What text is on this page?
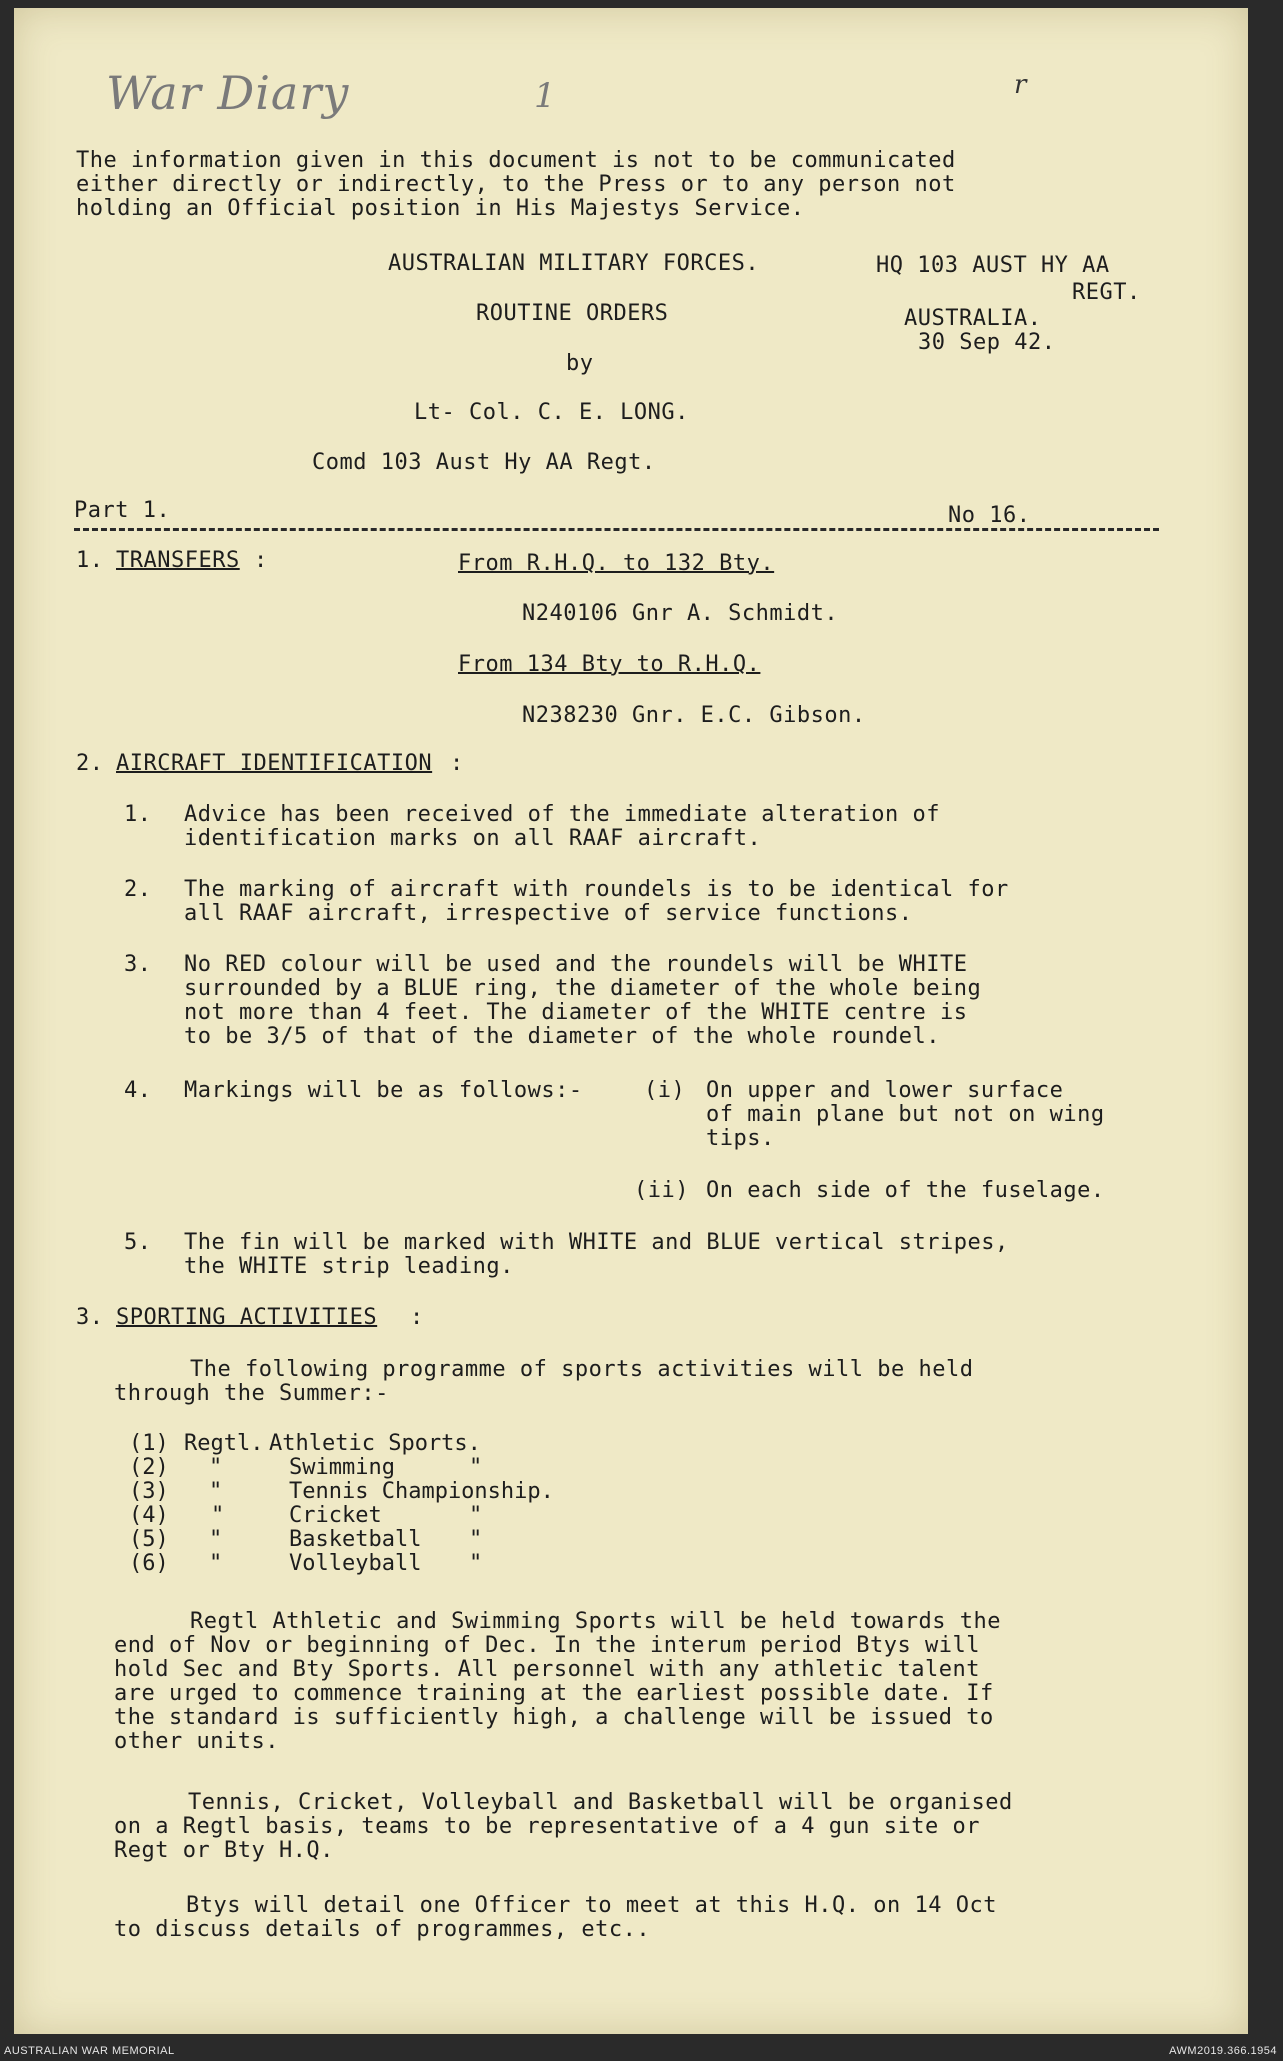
War Diary	1	r
The information given in this document is not to be communicated
either directly or indirectly, to the Press or to any person not
holding an Official position in His Majestys Service.
AUSTRALIAN MILITARY FORCES.
ROUTINE ORDERS
by
Lt- Col. C. E. LONG.
Comd 103 Aust Hy AA Regt.
HQ 103 AUST HY AA
REGT.
AUSTRALIA.
30 Sep 42.
Part 1.	No 16.
1. TRANSFERS :	From R.H.Q. to 132 Bty.
N240106 Gnr A. Schmidt.
From 134 Bty to R.H.Q.
N238230 Gnr. E.C. Gibson.
2. AIRCRAFT IDENTIFICATION :
1. Advice has been received of the immediate alteration of
identification marks on all RAAF aircraft.
2. The marking of aircraft with roundels is to be identical for
all RAAF aircraft, irrespective of service functions.
3. No RED colour will be used and the roundels will be WHITE
surrounded by a BLUE ring, the diameter of the whole being
not more than 4 feet. The diameter of the WHITE centre is
to be 3/5 of that of the diameter of the whole roundel.
4. Markings will be as follows:-	(i) On upper and lower surface
of main plane but not on wing
tips.
(ii) On each side of the fuselage.
5. The fin will be marked with WHITE and BLUE vertical stripes,
the WHITE strip leading.
3. SPORTING ACTIVITIES :
The following programme of sports activities will be held
through the Summer:-
(1) Regtl. Athletic Sports.
(2) "	Swimming	"
(3) "	Tennis Championship.
(4) "	Cricket	"
(5) "	Basketball "
(6) "	Volleyball "
Regtl Athletic and Swimming Sports will be held towards the
end of Nov or beginning of Dec. In the interum period Btys will
hold Sec and Bty Sports. All personnel with any athletic talent
are urged to commence training at the earliest possible date. If
the standard is sufficiently high, a challenge will be issued to
other units.
Tennis, Cricket, Volleyball and Basketball will be organised
on a Regtl basis, teams to be representative of a 4 gun site or
Regt or Bty H.Q.
Btys will detail one Officer to meet at this H.Q. on 14 Oct
to discuss details of programmes, etc..
AUSTRALIAN WAR MEMORIAL	AWM2019.366.1954
